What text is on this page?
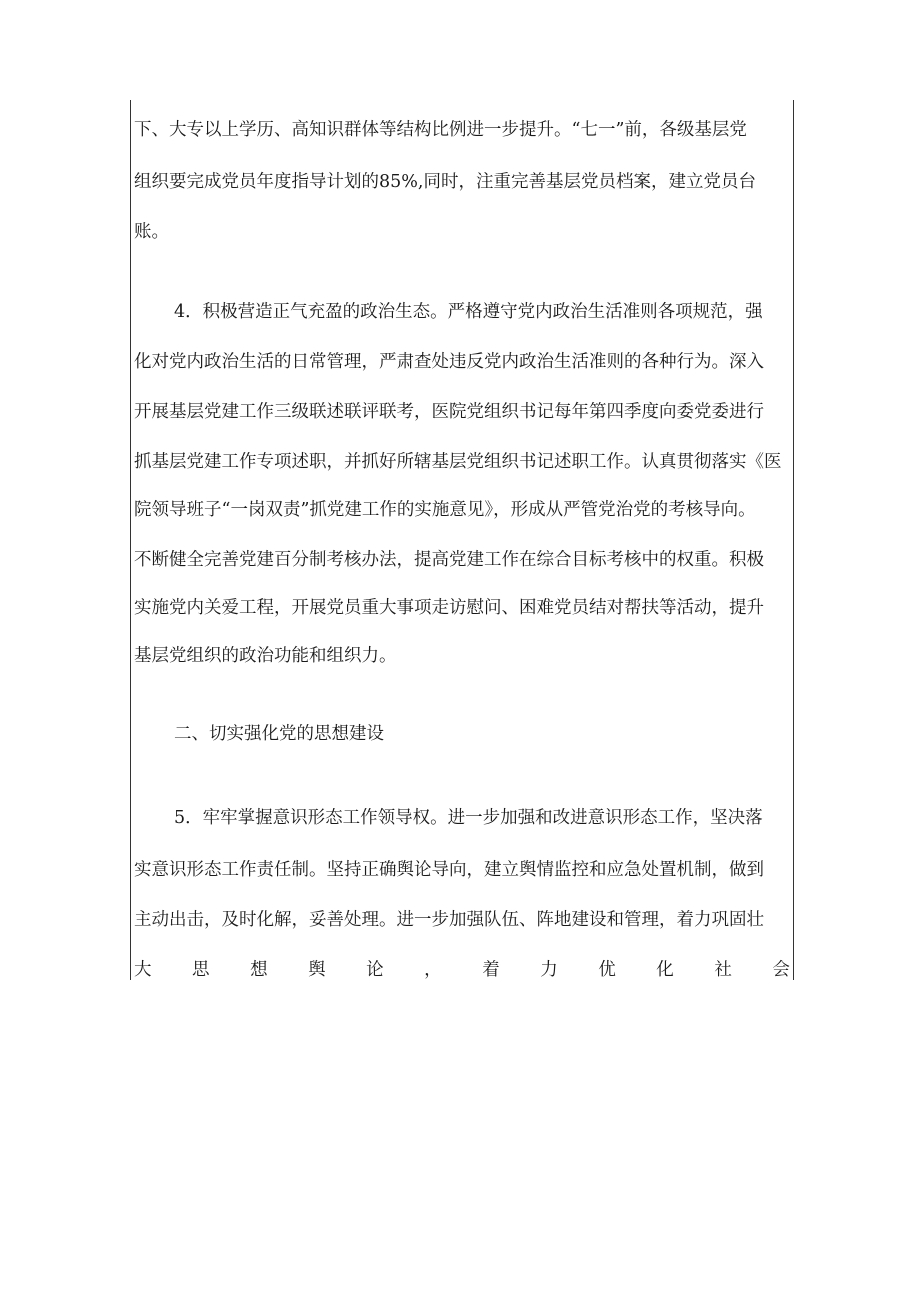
下、大专以上学历、高知识群体等结构比例进一步提升。“七一”前，各级基层党
组织要完成党员年度指导计划的85%,同时，注重完善基层党员档案，建立党员台
账。
4．积极营造正气充盈的政治生态。严格遵守党内政治生活准则各项规范，强
化对党内政治生活的日常管理，严肃查处违反党内政治生活准则的各种行为。深入
开展基层党建工作三级联述联评联考，医院党组织书记每年第四季度向委党委进行
抓基层党建工作专项述职，并抓好所辖基层党组织书记述职工作。认真贯彻落实《医
院领导班子“一岗双责”抓党建工作的实施意见》，形成从严管党治党的考核导向。
不断健全完善党建百分制考核办法，提高党建工作在综合目标考核中的权重。积极
实施党内关爱工程，开展党员重大事项走访慰问、困难党员结对帮扶等活动，提升
基层党组织的政治功能和组织力。
二、切实强化党的思想建设
5．牢牢掌握意识形态工作领导权。进一步加强和改进意识形态工作，坚决落
实意识形态工作责任制。坚持正确舆论导向，建立舆情监控和应急处置机制，做到
主动出击，及时化解，妥善处理。进一步加强队伍、阵地建设和管理，着力巩固壮
大 思 想 舆 论 ， 着 力 优 化 社 会
